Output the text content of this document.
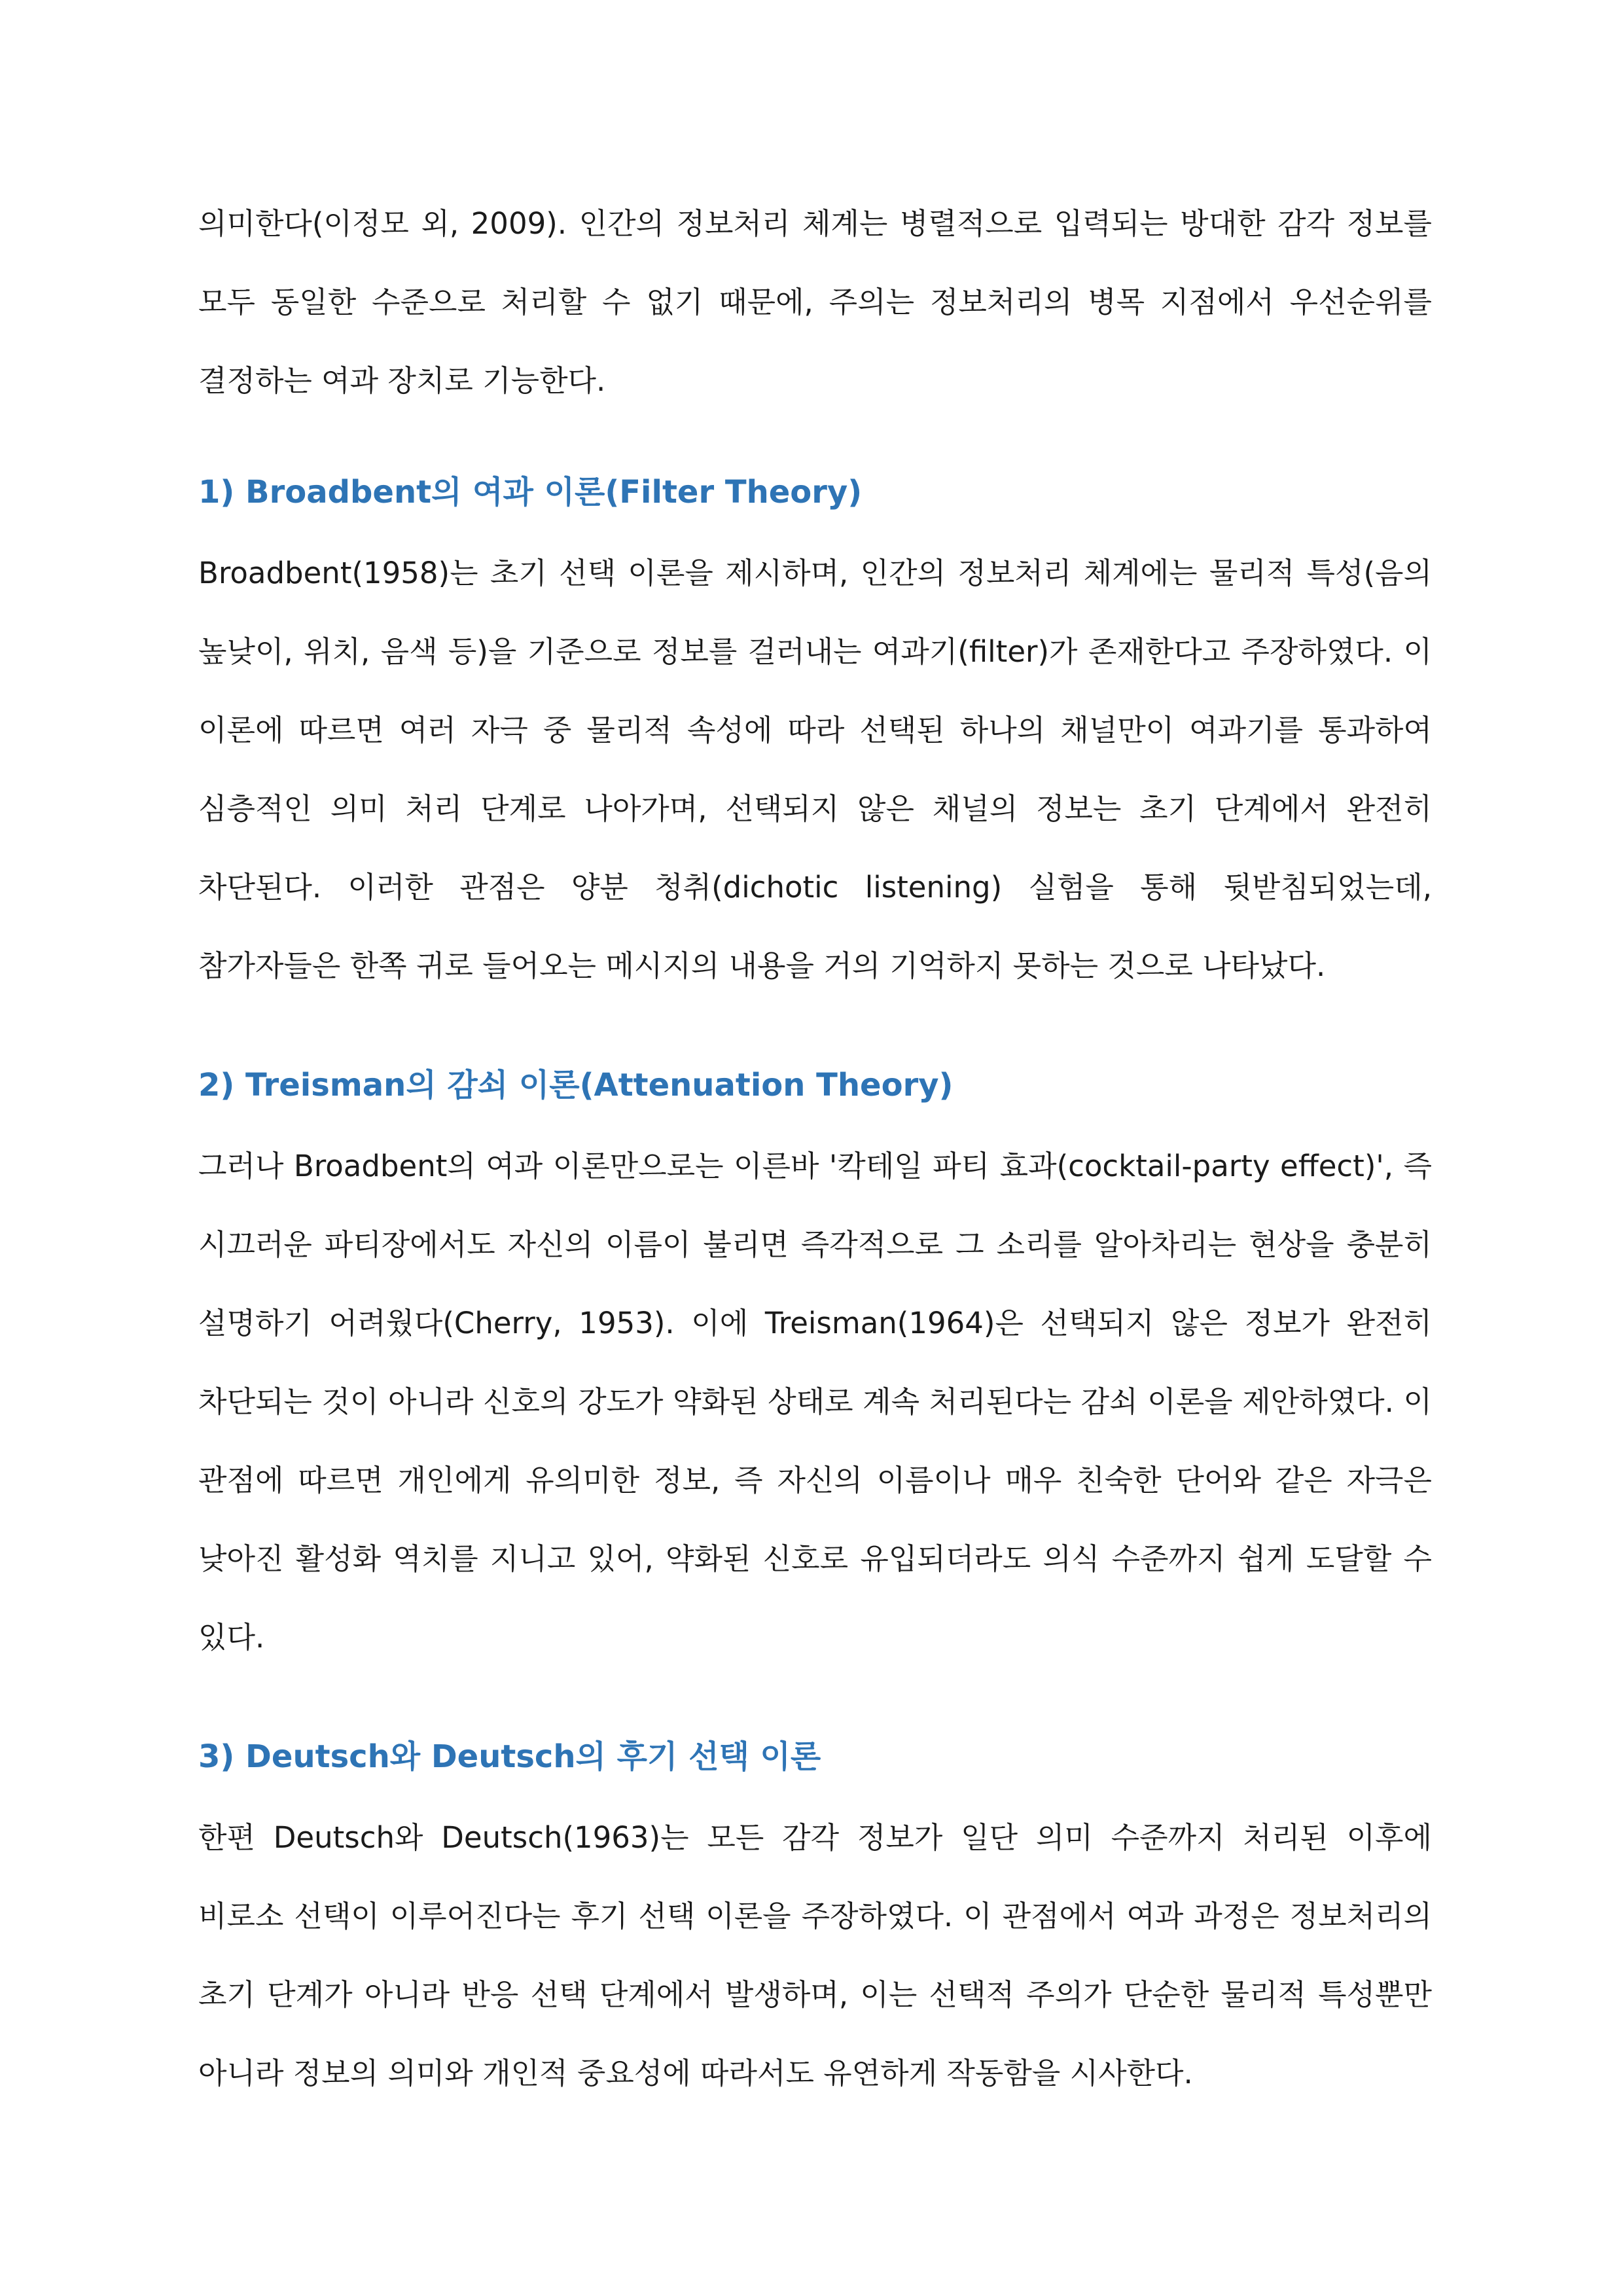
의미한다(이정모 외, 2009). 인간의 정보처리 체계는 병렬적으로 입력되는 방대한 감각 정보를 모두 동일한 수준으로 처리할 수 없기 때문에, 주의는 정보처리의 병목 지점에서 우선순위를 결정하는 여과 장치로 기능한다.

1) Broadbent의 여과 이론(Filter Theory)

Broadbent(1958)는 초기 선택 이론을 제시하며, 인간의 정보처리 체계에는 물리적 특성(음의 높낮이, 위치, 음색 등)을 기준으로 정보를 걸러내는 여과기(filter)가 존재한다고 주장하였다. 이 이론에 따르면 여러 자극 중 물리적 속성에 따라 선택된 하나의 채널만이 여과기를 통과하여 심층적인 의미 처리 단계로 나아가며, 선택되지 않은 채널의 정보는 초기 단계에서 완전히 차단된다. 이러한 관점은 양분 청취(dichotic listening) 실험을 통해 뒷받침되었는데, 참가자들은 한쪽 귀로 들어오는 메시지의 내용을 거의 기억하지 못하는 것으로 나타났다.

2) Treisman의 감쇠 이론(Attenuation Theory)

그러나 Broadbent의 여과 이론만으로는 이른바 '칵테일 파티 효과(cocktail-party effect)', 즉 시끄러운 파티장에서도 자신의 이름이 불리면 즉각적으로 그 소리를 알아차리는 현상을 충분히 설명하기 어려웠다(Cherry, 1953). 이에 Treisman(1964)은 선택되지 않은 정보가 완전히 차단되는 것이 아니라 신호의 강도가 약화된 상태로 계속 처리된다는 감쇠 이론을 제안하였다. 이 관점에 따르면 개인에게 유의미한 정보, 즉 자신의 이름이나 매우 친숙한 단어와 같은 자극은 낮아진 활성화 역치를 지니고 있어, 약화된 신호로 유입되더라도 의식 수준까지 쉽게 도달할 수 있다.

3) Deutsch와 Deutsch의 후기 선택 이론

한편 Deutsch와 Deutsch(1963)는 모든 감각 정보가 일단 의미 수준까지 처리된 이후에 비로소 선택이 이루어진다는 후기 선택 이론을 주장하였다. 이 관점에서 여과 과정은 정보처리의 초기 단계가 아니라 반응 선택 단계에서 발생하며, 이는 선택적 주의가 단순한 물리적 특성뿐만 아니라 정보의 의미와 개인적 중요성에 따라서도 유연하게 작동함을 시사한다.
